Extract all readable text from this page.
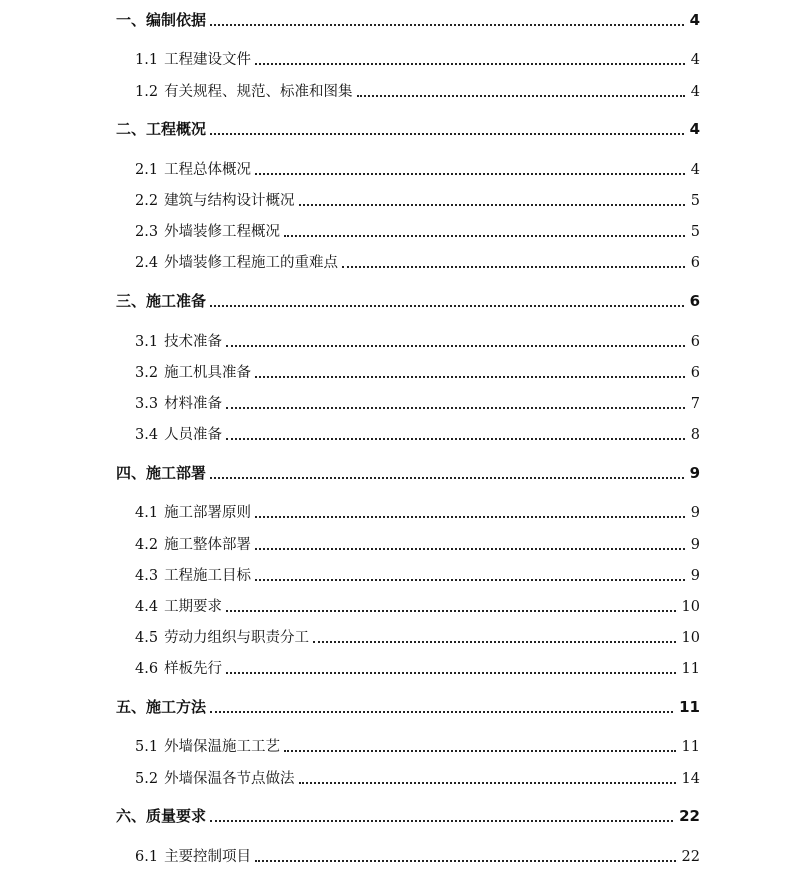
一、 编制依据	4
1.1 工程建设文件	4
1.2 有关规程、规范、标准和图集	4
二、 工程概况	4
2.1 工程总体概况	4
2.2 建筑与结构设计概况	5
2.3 外墙装修工程概况	5
2.4 外墙装修工程施工的重难点	6
三、 施工准备	6
3.1 技术准备	6
3.2 施工机具准备	6
3.3 材料准备	7
3.4 人员准备	8
四、 施工部署	9
4.1 施工部署原则	9
4.2 施工整体部署	9
4.3 工程施工目标	9
4.4 工期要求	10
4.5 劳动力组织与职责分工	10
4.6 样板先行	11
五、 施工方法	11
5.1 外墙保温施工工艺	11
5.2 外墙保温各节点做法	14
六、 质量要求	22
6.1 主要控制项目	22
